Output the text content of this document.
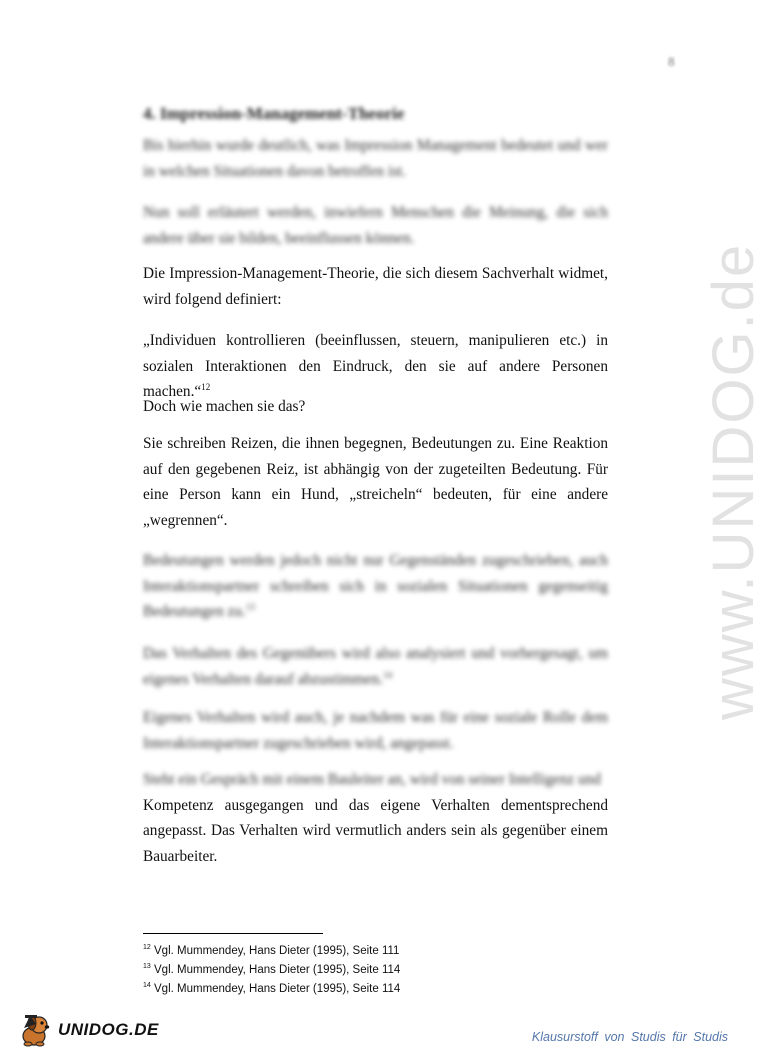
8
www.UNIDOG.de
4. Impression-Management-Theorie

Bis hierhin wurde deutlich, was Impression Management bedeutet und wer in welchen Situationen davon betroffen ist.

Nun soll erläutert werden, inwiefern Menschen die Meinung, die sich andere über sie bilden, beeinflussen können.

Die Impression-Management-Theorie, die sich diesem Sachverhalt widmet, wird folgend definiert:

„Individuen kontrollieren (beeinflussen, steuern, manipulieren etc.) in sozialen Interaktionen den Eindruck, den sie auf andere Personen machen.“$^{12}$

Doch wie machen sie das?

Sie schreiben Reizen, die ihnen begegnen, Bedeutungen zu. Eine Reaktion auf den gegebenen Reiz, ist abhängig von der zugeteilten Bedeutung. Für eine Person kann ein Hund, „streicheln“ bedeuten, für eine andere „wegrennen“.

Bedeutungen werden jedoch nicht nur Gegenständen zugeschrieben, auch Interaktionspartner schreiben sich in sozialen Situationen gegenseitig Bedeutungen zu.$^{13}$

Das Verhalten des Gegenübers wird also analysiert und vorhergesagt, um eigenes Verhalten darauf abzustimmen.$^{14}$

Eigenes Verhalten wird auch, je nachdem was für eine soziale Rolle dem Interaktionspartner zugeschrieben wird, angepasst.

Steht ein Gespräch mit einem Bauleiter an, wird von seiner Intelligenz und
Kompetenz ausgegangen und das eigene Verhalten dementsprechend angepasst. Das Verhalten wird vermutlich anders sein als gegenüber einem Bauarbeiter.

$^{12}$ Vgl. Mummendey, Hans Dieter (1995), Seite 111
$^{13}$ Vgl. Mummendey, Hans Dieter (1995), Seite 114
$^{14}$ Vgl. Mummendey, Hans Dieter (1995), Seite 114
UNIDOG.DE	Klausurstoff von Studis für Studis
